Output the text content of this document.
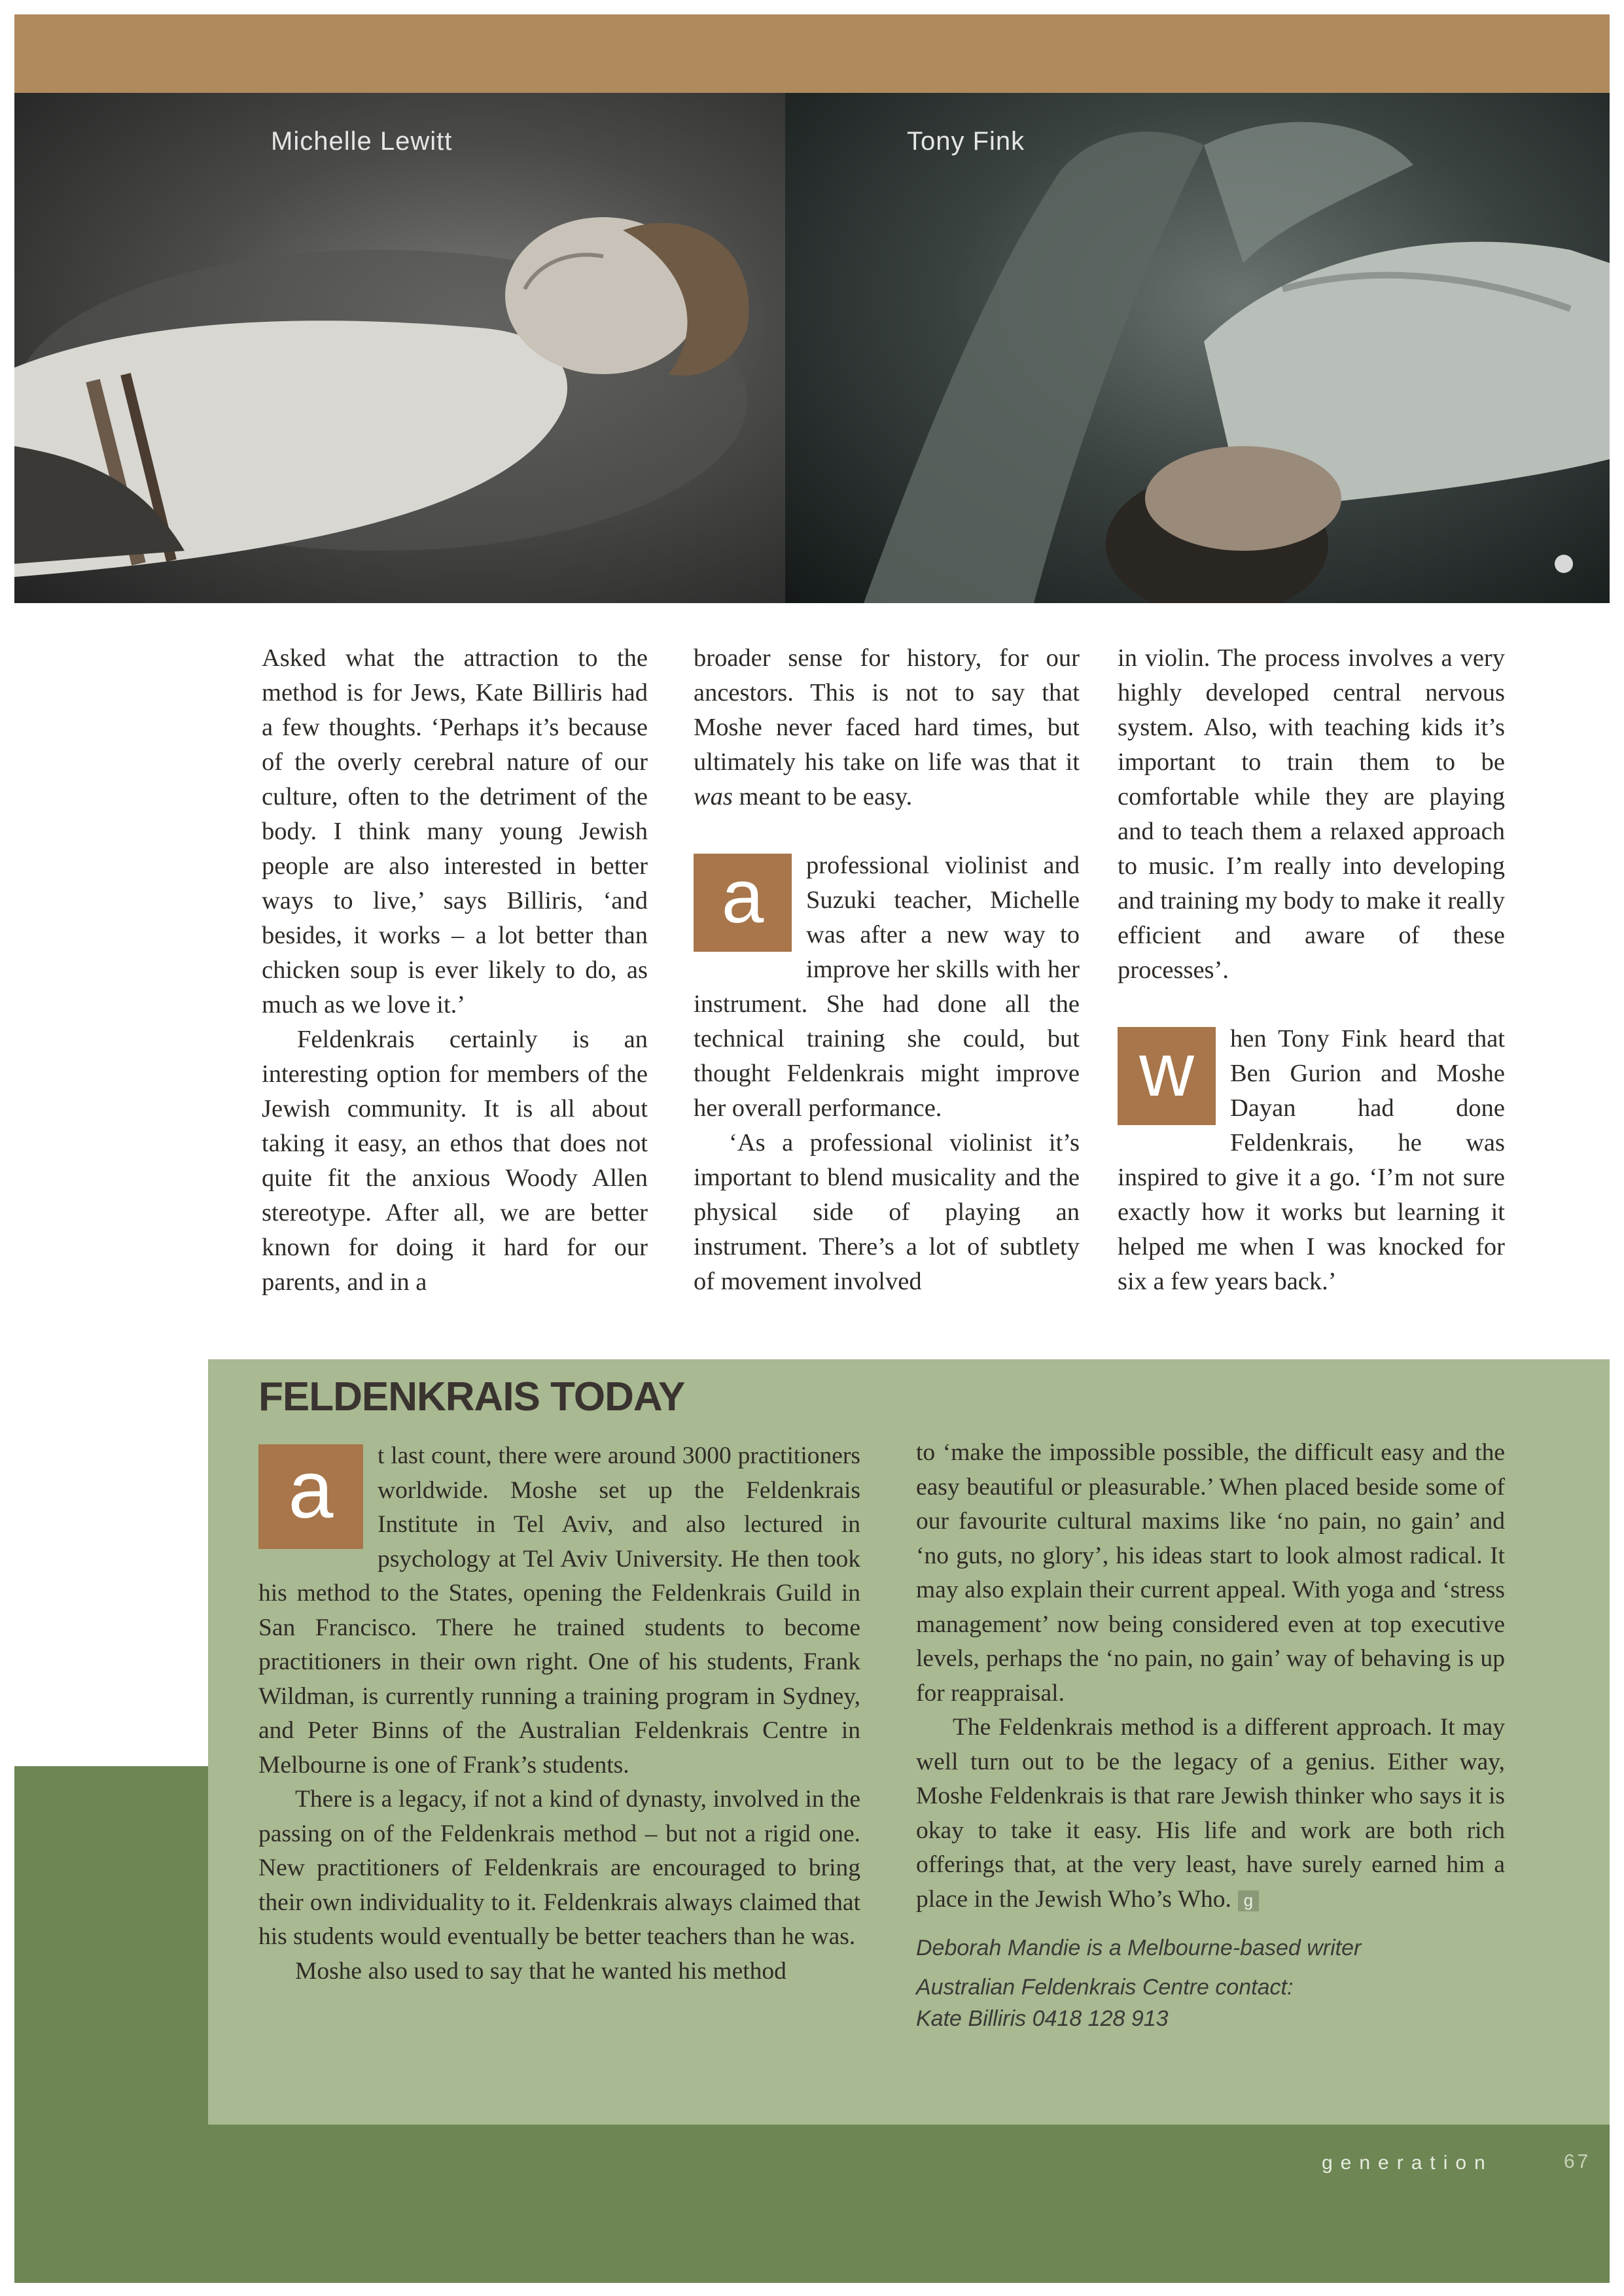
Michelle Lewitt	Tony Fink

Asked what the attraction to the method is for Jews, Kate Billiris had a few thoughts. ‘Perhaps it’s because of the overly cerebral nature of our culture, often to the detriment of the body. I think many young Jewish people are also interested in better ways to live,’ says Billiris, ‘and besides, it works – a lot better than chicken soup is ever likely to do, as much as we love it.’

Feldenkrais certainly is an interesting option for members of the Jewish community. It is all about taking it easy, an ethos that does not quite fit the anxious Woody Allen stereotype. After all, we are better known for doing it hard for our parents, and in a

broader sense for history, for our ancestors. This is not to say that Moshe never faced hard times, but ultimately his take on life was that it was meant to be easy.

a	professional violinist and Suzuki teacher, Michelle was after a new way to improve her skills with her instrument. She had done all the technical training she could, but thought Feldenkrais might improve her overall performance.

‘As a professional violinist it’s important to blend musicality and the physical side of playing an instrument. There’s a lot of subtlety of movement involved

in violin. The process involves a very highly developed central nervous system. Also, with teaching kids it’s important to train them to be comfortable while they are playing and to teach them a relaxed approach to music. I’m really into developing and training my body to make it really efficient and aware of these processes’.

w	hen Tony Fink heard that Ben Gurion and Moshe Dayan had done Feldenkrais, he was inspired to give it a go. ‘I’m not sure exactly how it works but learning it helped me when I was knocked for six a few years back.’

FELDENKRAIS TODAY

a	t last count, there were around 3000 practitioners worldwide. Moshe set up the Feldenkrais Institute in Tel Aviv, and also lectured in psychology at Tel Aviv University. He then took his method to the States, opening the Feldenkrais Guild in San Francisco. There he trained students to become practitioners in their own right. One of his students, Frank Wildman, is currently running a training program in Sydney, and Peter Binns of the Australian Feldenkrais Centre in Melbourne is one of Frank’s students.

There is a legacy, if not a kind of dynasty, involved in the passing on of the Feldenkrais method – but not a rigid one. New practitioners of Feldenkrais are encouraged to bring their own individuality to it. Feldenkrais always claimed that his students would eventually be better teachers than he was.

Moshe also used to say that he wanted his method

to ‘make the impossible possible, the difficult easy and the easy beautiful or pleasurable.’ When placed beside some of our favourite cultural maxims like ‘no pain, no gain’ and ‘no guts, no glory’, his ideas start to look almost radical. It may also explain their current appeal. With yoga and ‘stress management’ now being considered even at top executive levels, perhaps the ‘no pain, no gain’ way of behaving is up for reappraisal.

The Feldenkrais method is a different approach. It may well turn out to be the legacy of a genius. Either way, Moshe Feldenkrais is that rare Jewish thinker who says it is okay to take it easy. His life and work are both rich offerings that, at the very least, have surely earned him a place in the Jewish Who’s Who. g

Deborah Mandie is a Melbourne-based writer

Australian Feldenkrais Centre contact:

Kate Billiris 0418 128 913

generation	67
